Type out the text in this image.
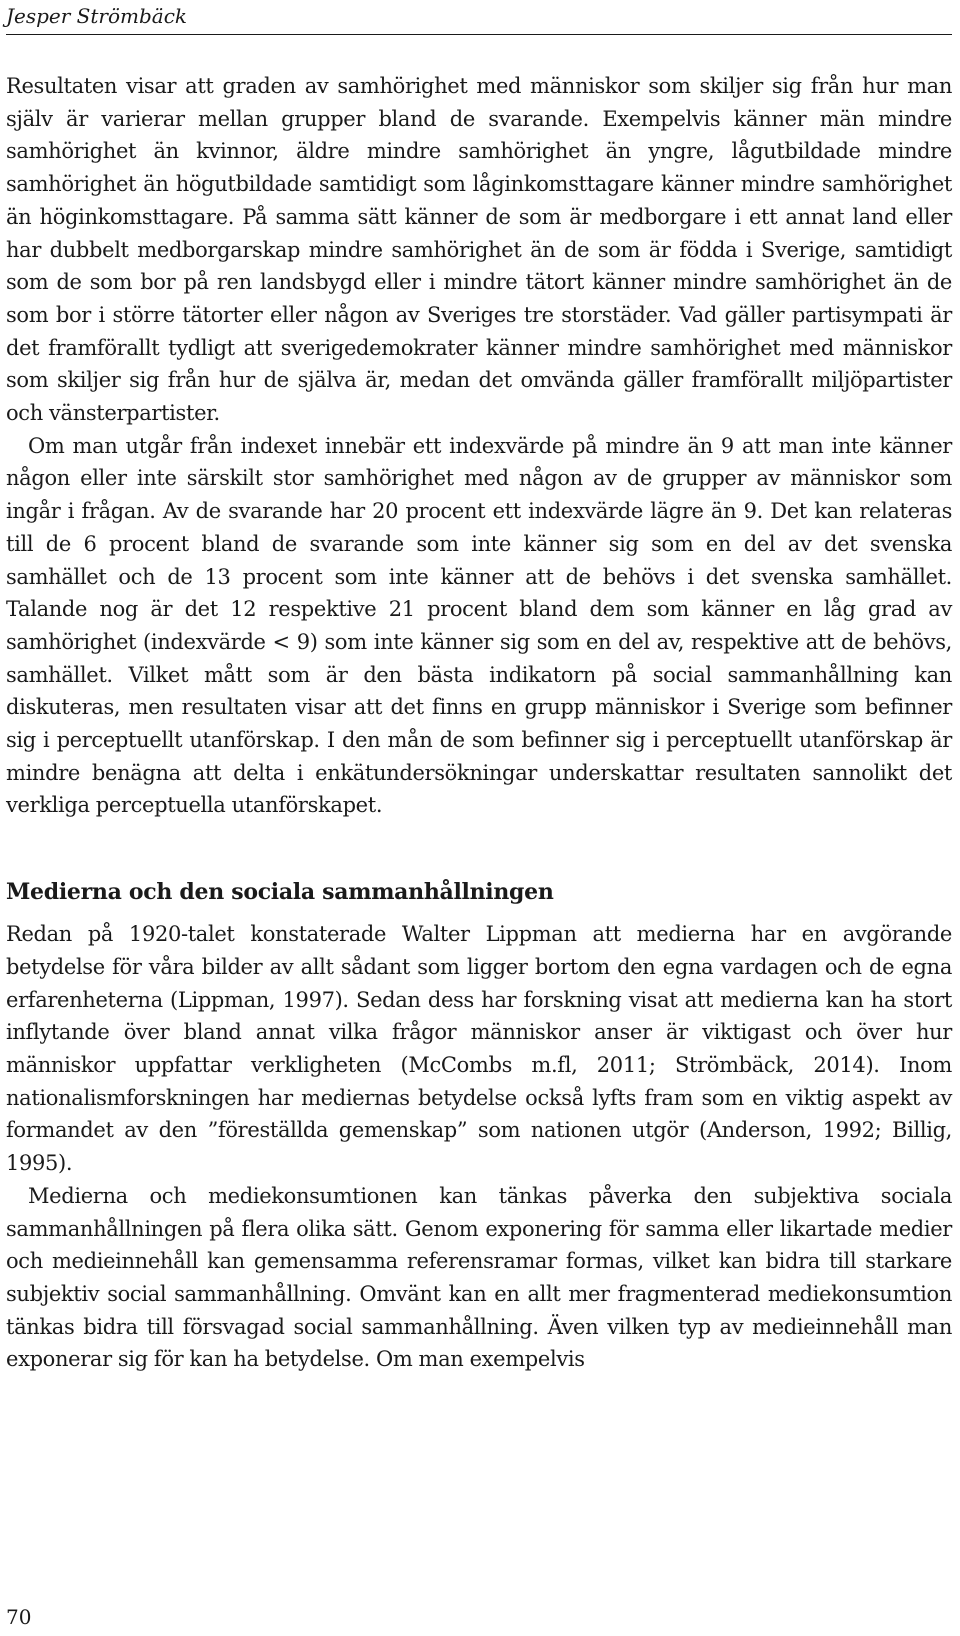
Jesper Strömbäck

Resultaten visar att graden av samhörighet med människor som skiljer sig från hur man själv är varierar mellan grupper bland de svarande. Exempelvis känner män mindre samhörighet än kvinnor, äldre mindre samhörighet än yngre, lågutbildade mindre samhörighet än högutbildade samtidigt som låginkomsttagare känner mindre samhörighet än höginkomsttagare. På samma sätt känner de som är medborgare i ett annat land eller har dubbelt medborgarskap mindre samhörighet än de som är födda i Sverige, samtidigt som de som bor på ren landsbygd eller i mindre tätort känner mindre samhörighet än de som bor i större tätorter eller någon av Sveriges tre storstäder. Vad gäller partisympati är det framförallt tydligt att sverigedemokrater känner mindre samhörighet med människor som skiljer sig från hur de själva är, medan det omvända gäller framförallt miljöpartister och vänsterpartister.

Om man utgår från indexet innebär ett indexvärde på mindre än 9 att man inte känner någon eller inte särskilt stor samhörighet med någon av de grupper av människor som ingår i frågan. Av de svarande har 20 procent ett indexvärde lägre än 9. Det kan relateras till de 6 procent bland de svarande som inte känner sig som en del av det svenska samhället och de 13 procent som inte känner att de behövs i det svenska samhället. Talande nog är det 12 respektive 21 procent bland dem som känner en låg grad av samhörighet (indexvärde < 9) som inte känner sig som en del av, respektive att de behövs, samhället. Vilket mått som är den bästa indikatorn på social sammanhållning kan diskuteras, men resultaten visar att det finns en grupp människor i Sverige som befinner sig i perceptuellt utanförskap. I den mån de som befinner sig i perceptuellt utanförskap är mindre benägna att delta i enkätundersökningar underskattar resultaten sannolikt det verkliga perceptuella utanförskapet.

Medierna och den sociala sammanhållningen

Redan på 1920-talet konstaterade Walter Lippman att medierna har en avgörande betydelse för våra bilder av allt sådant som ligger bortom den egna vardagen och de egna erfarenheterna (Lippman, 1997). Sedan dess har forskning visat att medierna kan ha stort inflytande över bland annat vilka frågor människor anser är viktigast och över hur människor uppfattar verkligheten (McCombs m.fl, 2011; Strömbäck, 2014). Inom nationalismforskningen har mediernas betydelse också lyfts fram som en viktig aspekt av formandet av den ”föreställda gemenskap” som nationen utgör (Anderson, 1992; Billig, 1995).

Medierna och mediekonsumtionen kan tänkas påverka den subjektiva sociala sammanhållningen på flera olika sätt. Genom exponering för samma eller likartade medier och medieinnehåll kan gemensamma referensramar formas, vilket kan bidra till starkare subjektiv social sammanhållning. Omvänt kan en allt mer fragmenterad mediekonsumtion tänkas bidra till försvagad social sammanhållning. Även vilken typ av medieinnehåll man exponerar sig för kan ha betydelse. Om man exempelvis

70
